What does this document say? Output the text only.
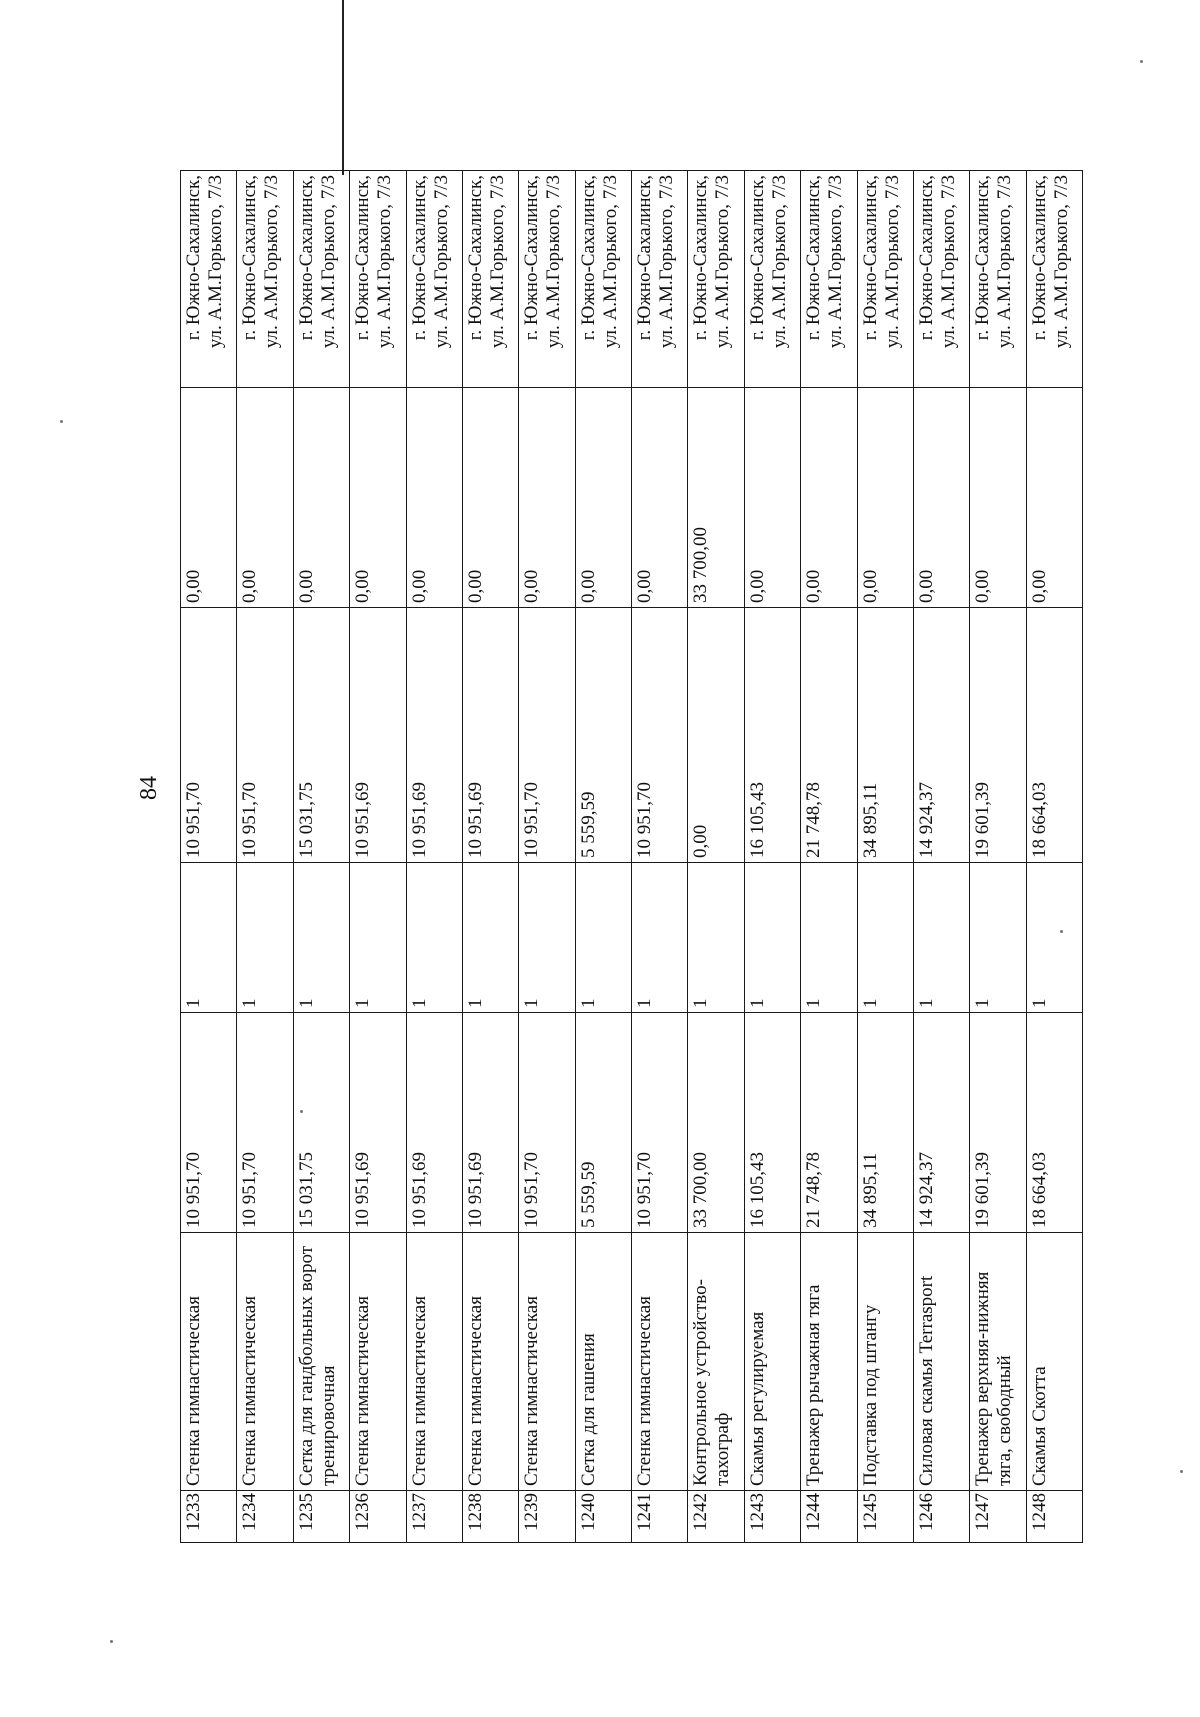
84
1233	Стенка гимнастическая	10 951,70	1	10 951,70	0,00	г. Южно-Сахалинск, ул. А.М.Горького, 7/3

1234	Стенка гимнастическая	10 951,70	1	10 951,70	0,00	г. Южно-Сахалинск, ул. А.М.Горького, 7/3

1235	Сетка для гандбольных ворот тренировочная	15 031,75	1	15 031,75	0,00	г. Южно-Сахалинск, ул. А.М.Горького, 7/3

1236	Стенка гимнастическая	10 951,69	1	10 951,69	0,00	г. Южно-Сахалинск, ул. А.М.Горького, 7/3

1237	Стенка гимнастическая	10 951,69	1	10 951,69	0,00	г. Южно-Сахалинск, ул. А.М.Горького, 7/3

1238	Стенка гимнастическая	10 951,69	1	10 951,69	0,00	г. Южно-Сахалинск, ул. А.М.Горького, 7/3

1239	Стенка гимнастическая	10 951,70	1	10 951,70	0,00	г. Южно-Сахалинск, ул. А.М.Горького, 7/3

1240	Сетка для гашения	5 559,59	1	5 559,59	0,00	г. Южно-Сахалинск, ул. А.М.Горького, 7/3

1241	Стенка гимнастическая	10 951,70	1	10 951,70	0,00	г. Южно-Сахалинск, ул. А.М.Горького, 7/3

1242	Контрольное устройство-тахограф	33 700,00	1	0,00	33 700,00	г. Южно-Сахалинск, ул. А.М.Горького, 7/3

1243	Скамья регулируемая	16 105,43	1	16 105,43	0,00	г. Южно-Сахалинск, ул. А.М.Горького, 7/3

1244	Тренажер рычажная тяга	21 748,78	1	21 748,78	0,00	г. Южно-Сахалинск, ул. А.М.Горького, 7/3

1245	Подставка под штангу	34 895,11	1	34 895,11	0,00	г. Южно-Сахалинск, ул. А.М.Горького, 7/3

1246	Силовая скамья Terrasport	14 924,37	1	14 924,37	0,00	г. Южно-Сахалинск, ул. А.М.Горького, 7/3

1247	Тренажер верхняя-нижняя тяга, свободный	19 601,39	1	19 601,39	0,00	г. Южно-Сахалинск, ул. А.М.Горького, 7/3

1248	Скамья Скотта	18 664,03	1	18 664,03	0,00	г. Южно-Сахалинск, ул. А.М.Горького, 7/3
